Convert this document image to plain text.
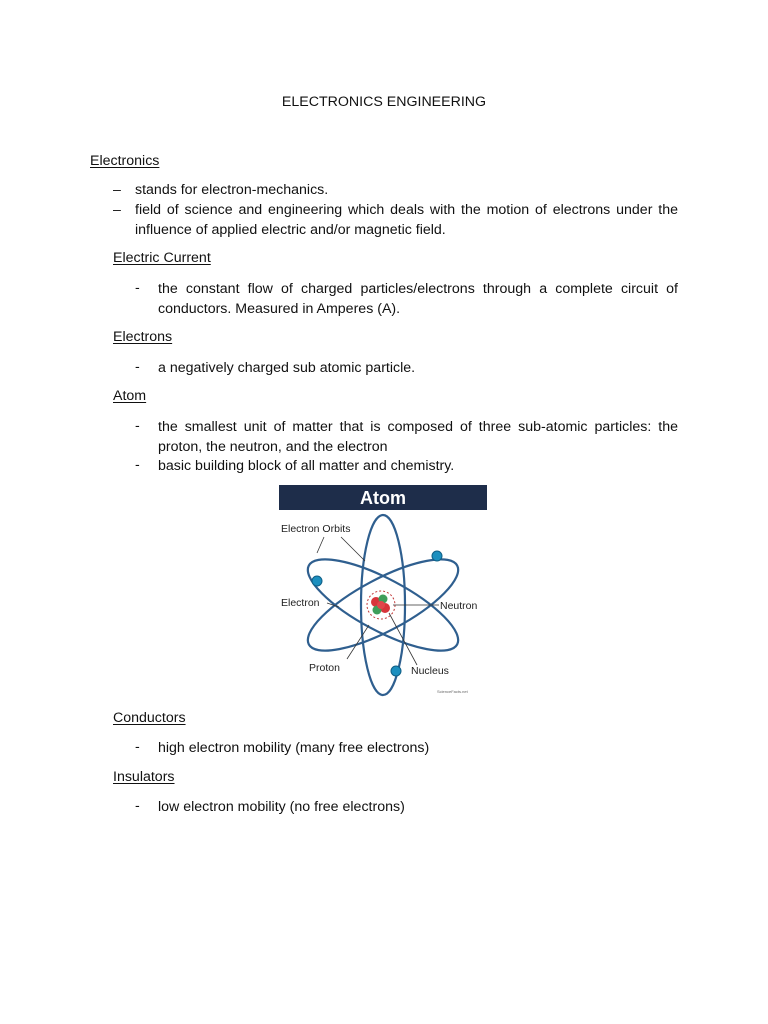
ELECTRONICS ENGINEERING
Electronics
– stands for electron-mechanics.
– field of science and engineering which deals with the motion of electrons under the influence of applied electric and/or magnetic field.
Electric Current
- the constant flow of charged particles/electrons through a complete circuit of conductors. Measured in Amperes (A).
Electrons
- a negatively charged sub atomic particle.
Atom
- the smallest unit of matter that is composed of three sub-atomic particles: the proton, the neutron, and the electron
- basic building block of all matter and chemistry.
Atom
Electron Orbits
Electron	Neutron
Proton	Nucleus
ScienceFacts.net
Conductors
- high electron mobility (many free electrons)
Insulators
- low electron mobility (no free electrons)
